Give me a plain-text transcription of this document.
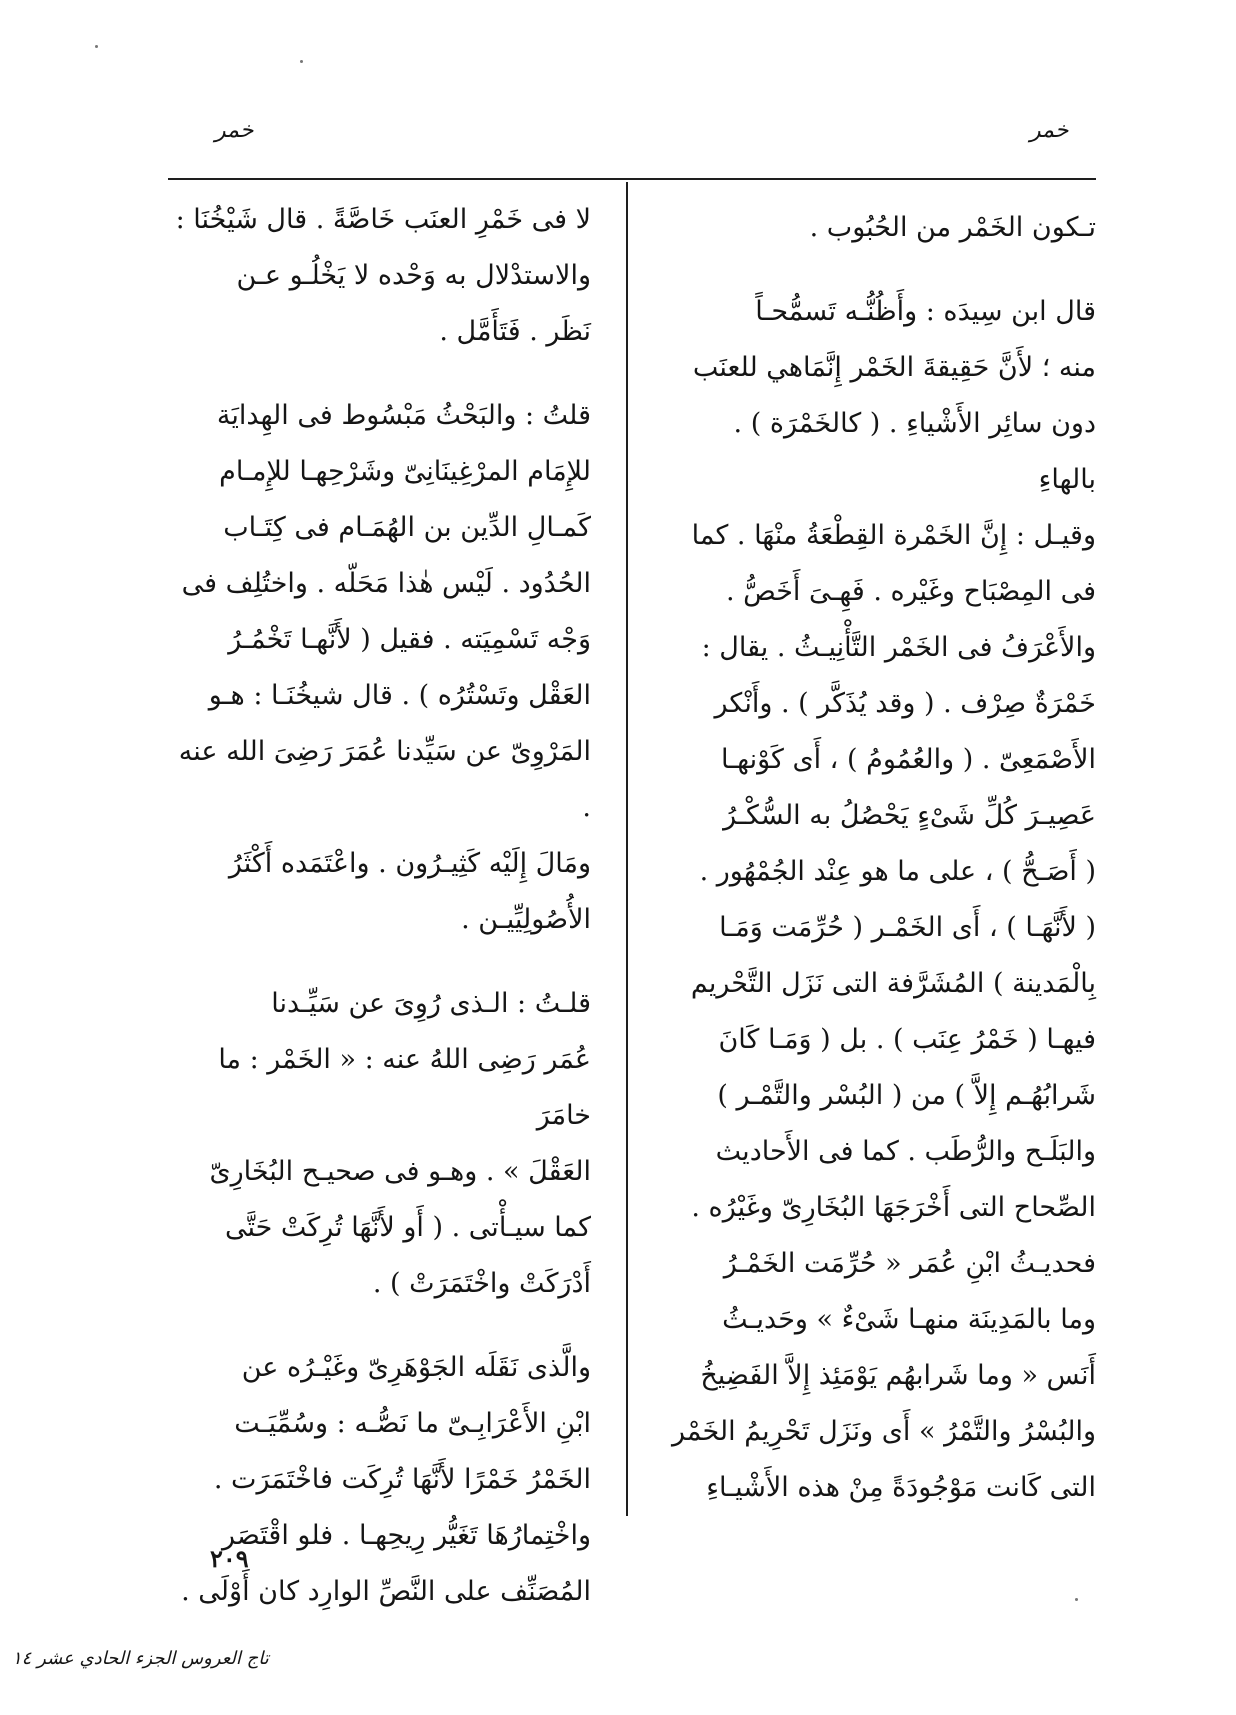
خمر
خمر
تـكون الخَمْر من الحُبُوب .
قال ابن سِيدَه : وأَظُنُّـه تَسمُّحـاً
منه ؛ لأَنَّ حَقِيقةَ الخَمْر إِنَّمَاهي للعنَب
دون سائِر الأَشْياءِ . ( كالخَمْرَة ) . بالهاءِ
وقيـل : إِنَّ الخَمْرة القِطْعَةُ منْهَا . كما
فى المِصْبَاح وغَيْره . فَهِـىَ أَخَصُّ .
والأَعْرَفُ فى الخَمْر التَّأْنِيـثُ . يقال :
خَمْرَةٌ صِرْف . ( وقد يُذَكَّر ) . وأَنْكر
الأَصْمَعِىّ . ( والعُمُومُ ) ، أَى كَوْنهـا
عَصِيـرَ كُلِّ شَىْءٍ يَحْصُلُ به السُّكْـرُ
( أَصَـحُّ ) ، على ما هو عِنْد الجُمْهُور .
( لأَنَّهَـا ) ، أَى الخَمْـر ( حُرِّمَت وَمَـا
بِالْمَدينة ) المُشَرَّفة التى نَزَل التَّحْريم
فيهـا ( خَمْرُ عِنَب ) . بل ( وَمَـا كَانَ
شَرابُهُـم إِلاَّ ) من ( البُسْر والتَّمْـر )
والبَلَـح والرُّطَب . كما فى الأَحاديث
الصِّحاح التى أَخْرَجَهَا البُخَارِىّ وغَيْرُه .
فحديـثُ ابْنِ عُمَر « حُرِّمَت الخَمْـرُ
وما بالمَدِينَة منهـا شَىْءٌ » وحَديـثُ
أَنَس « وما شَرابهُم يَوْمَئِذ إِلاَّ الفَضِيخُ
والبُسْرُ والتَّمْرُ » أَى ونَزَل تَحْرِيمُ الخَمْر
التى كَانت مَوْجُودَةً مِنْ هذه الأَشْيـاءِ
لا فى خَمْرِ العنَب خَاصَّةً . قال شَيْخُنَا :
والاستدْلال به وَحْده لا يَخْلُـو عـن
نَظَر . فَتَأَمَّل .
قلتُ : والبَحْثُ مَبْسُوط فى الهِدايَة
للإِمَام المرْغِينَانِىّ وشَرْحِهـا للإِمـام
كَمـالِ الدِّين بن الهُمَـام فى كِتَـاب
الحُدُود . لَيْس هٰذا مَحَلّه . واختُلِف فى
وَجْه تَسْمِيَته . فقيل ( لأَنَّهـا تَخْمُـرُ
العَقْل وتَسْتُرُه ) . قال شيخُنَـا : هـو
المَرْوِىّ عن سَيِّدنا عُمَرَ رَضِىَ الله عنه .
ومَالَ إِلَيْه كَثِيـرُون . واعْتَمَده أَكْثَرُ
الأُصُولِيِّيـن .
قلـتُ : الـذى رُوِىَ عن سَيِّـدنا
عُمَر رَضِى اللهُ عنه : « الخَمْر : ما خامَرَ
العَقْلَ » . وهـو فى صحيـح البُخَارِىّ
كما سيـأْتى . ( أَو لأَنَّهَا تُرِكَتْ حَتَّى
أَدْرَكَتْ واخْتَمَرَتْ ) .
والَّذى نَقَلَه الجَوْهَرِىّ وغَيْـرُه عن
ابْنِ الأَعْرَابِـىّ ما نَصُّـه : وسُمِّيَـت
الخَمْرُ خَمْرًا لأَنَّهَا تُرِكَت فاخْتَمَرَت .
واخْتِمارُهَا تَغَيُّر رِيحِهـا . فلو اقْتَصَر
المُصَنِّف على النَّصِّ الوارِد كان أَوْلَى .
٢٠٩
تاج العروس الجزء الحادي عشر ١٤
